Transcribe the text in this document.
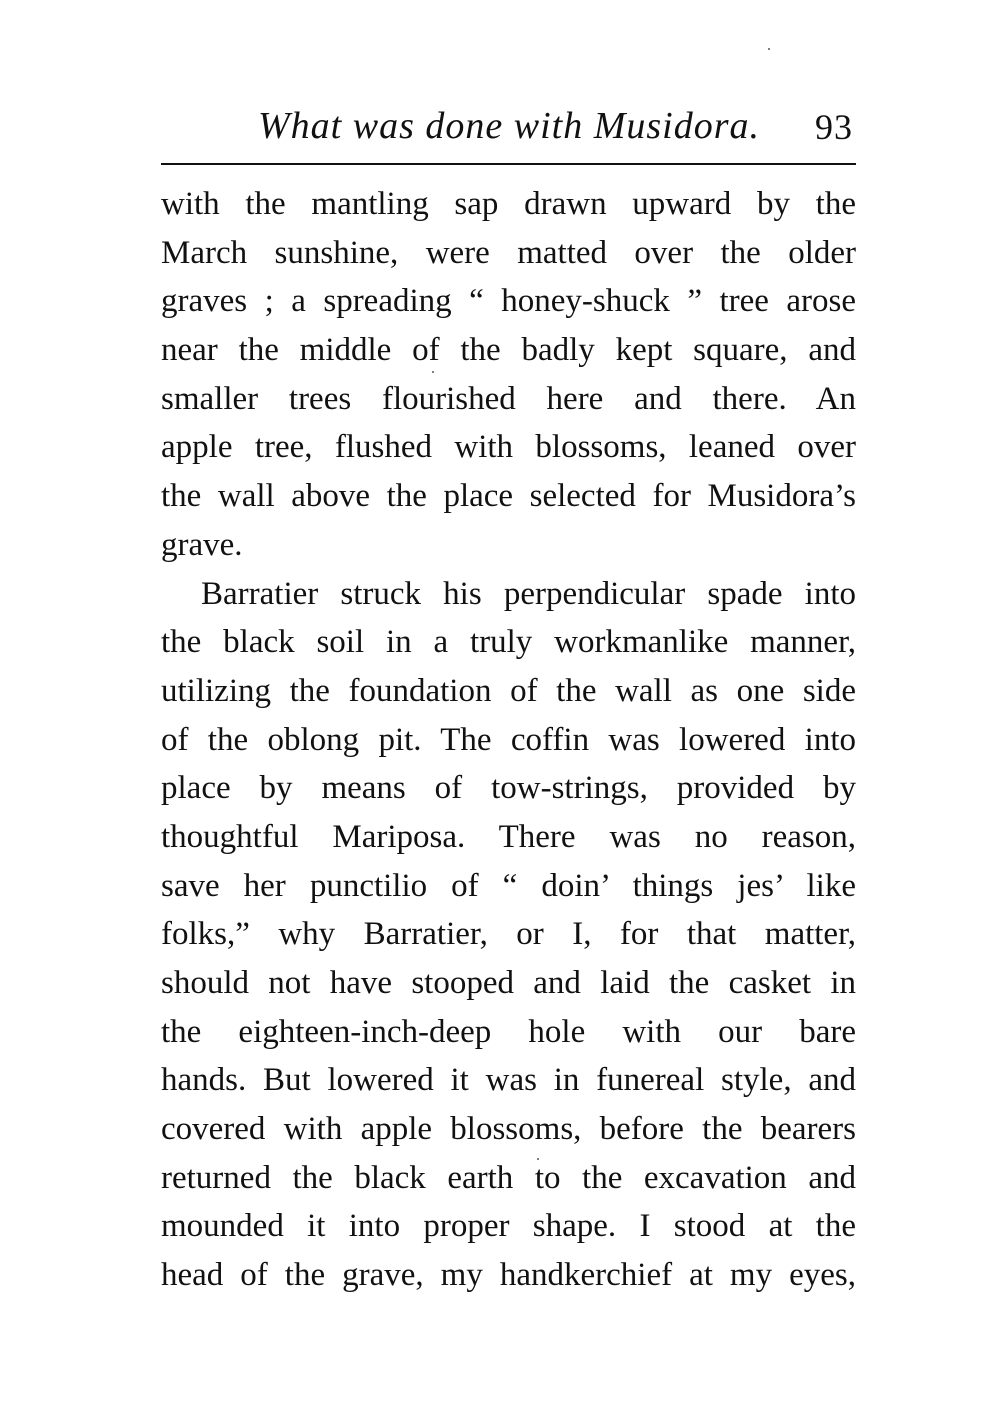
What was done with Musidora. 93
with the mantling sap drawn upward by the
March sunshine, were matted over the older
graves ; a spreading “ honey-shuck ” tree arose
near the middle of the badly kept square, and
smaller trees flourished here and there. An
apple tree, flushed with blossoms, leaned over
the wall above the place selected for Musidora’s
grave.
Barratier struck his perpendicular spade into
the black soil in a truly workmanlike manner,
utilizing the foundation of the wall as one side
of the oblong pit. The coffin was lowered into
place by means of tow-strings, provided by
thoughtful Mariposa. There was no reason,
save her punctilio of “ doin’ things jes’ like
folks,” why Barratier, or I, for that matter,
should not have stooped and laid the casket in
the eighteen-inch-deep hole with our bare
hands. But lowered it was in funereal style, and
covered with apple blossoms, before the bearers
returned the black earth to the excavation and
mounded it into proper shape. I stood at the
head of the grave, my handkerchief at my eyes,
